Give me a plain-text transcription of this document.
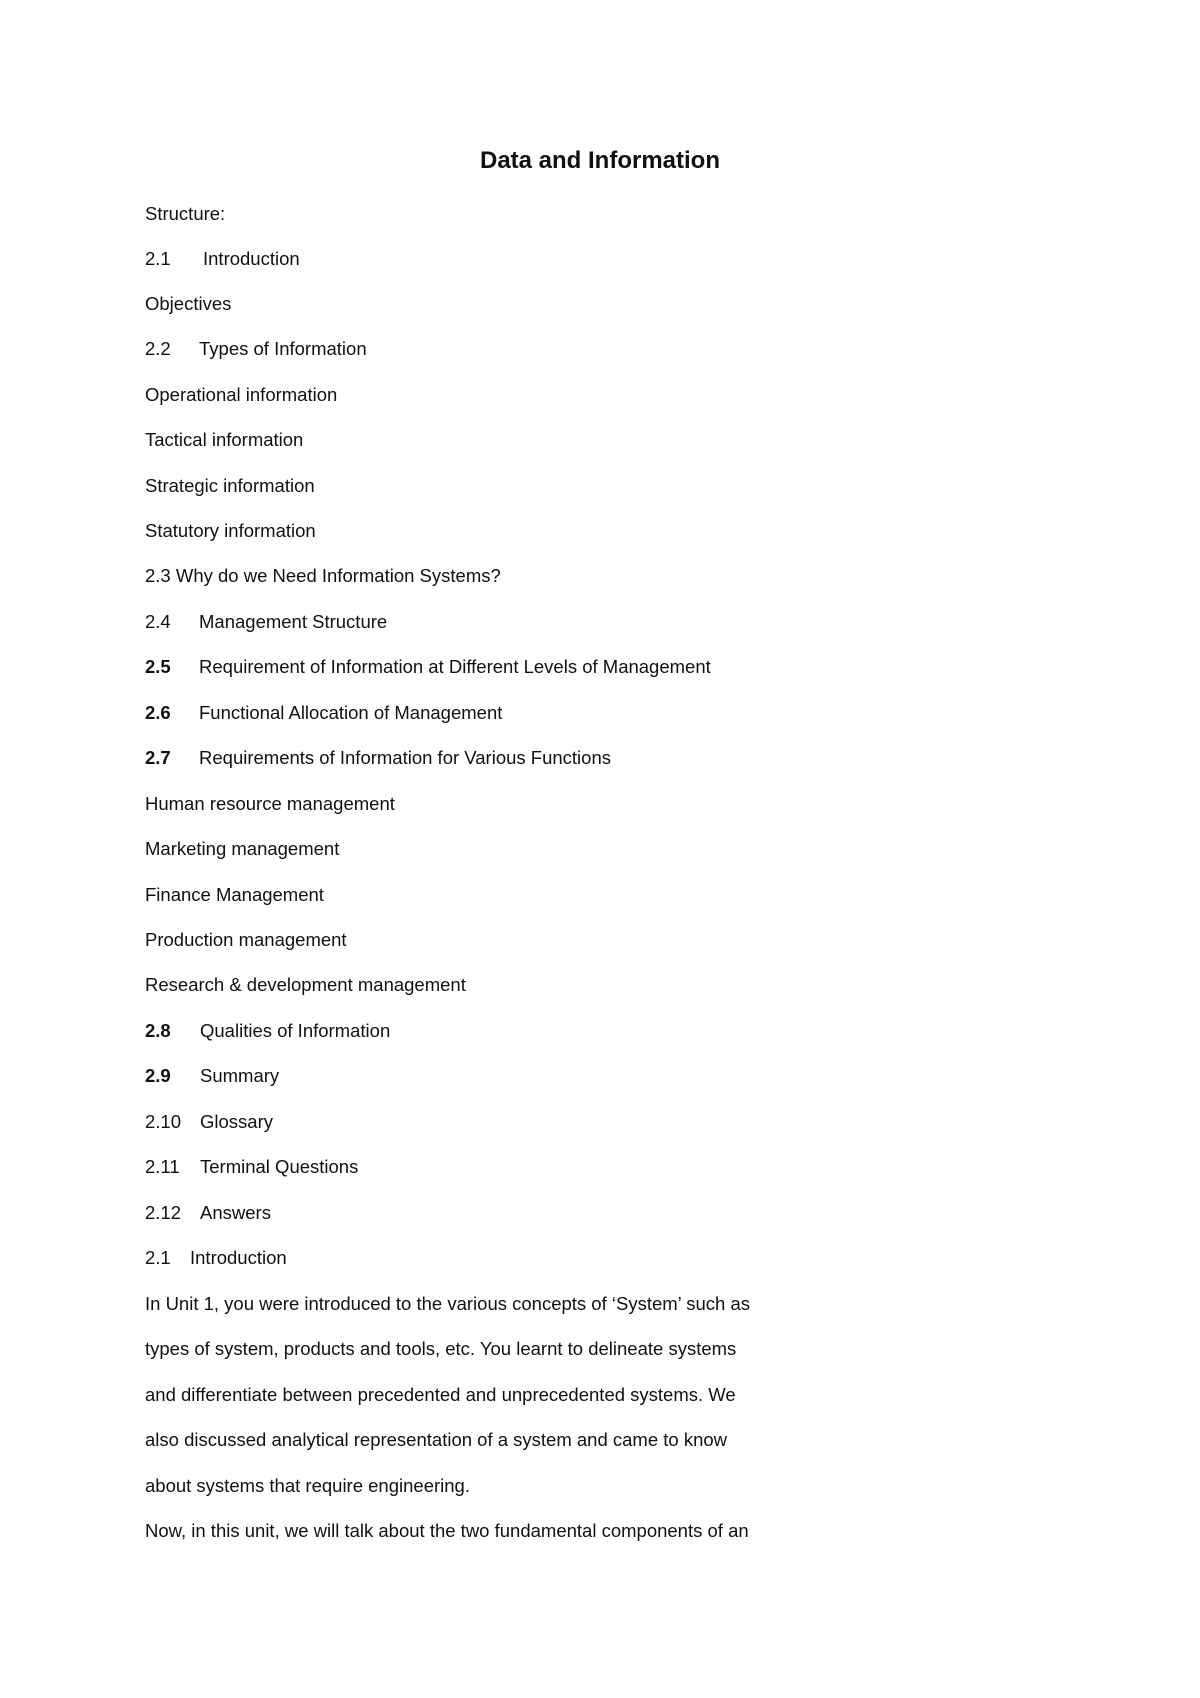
Data and Information
Structure:
2.1 Introduction
Objectives
2.2 Types of Information
Operational information
Tactical information
Strategic information
Statutory information
2.3 Why do we Need Information Systems?
2.4 Management Structure
2.5 Requirement of Information at Different Levels of Management
2.6 Functional Allocation of Management
2.7 Requirements of Information for Various Functions
Human resource management
Marketing management
Finance Management
Production management
Research & development management
2.8 Qualities of Information
2.9 Summary
2.10 Glossary
2.11 Terminal Questions
2.12 Answers
2.1 Introduction
In Unit 1, you were introduced to the various concepts of ‘System’ such as
types of system, products and tools, etc. You learnt to delineate systems
and differentiate between precedented and unprecedented systems. We
also discussed analytical representation of a system and came to know
about systems that require engineering.
Now, in this unit, we will talk about the two fundamental components of an
